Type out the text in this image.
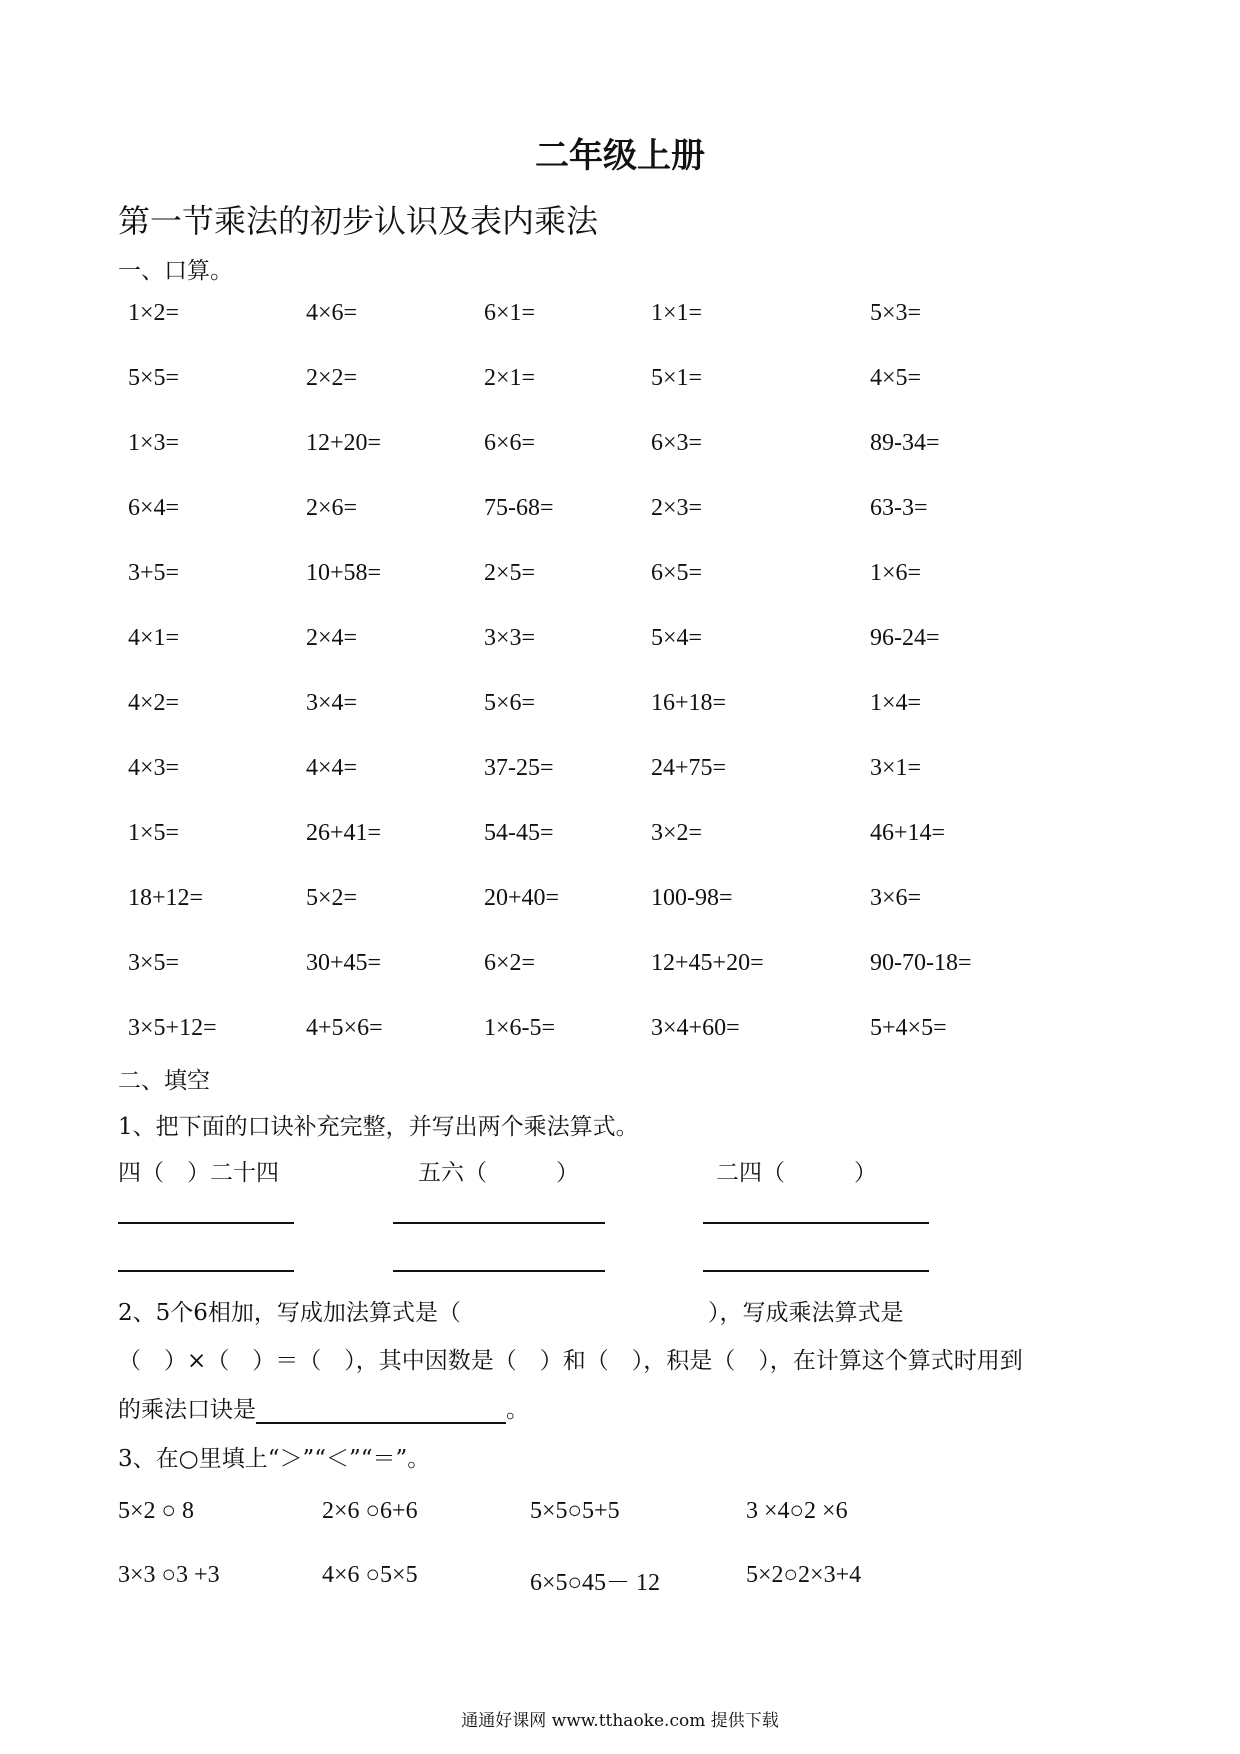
二年级上册
第一节乘法的初步认识及表内乘法
一、口算。
1×2=	4×6=	6×1=	1×1=	5×3=
5×5=	2×2=	2×1=	5×1=	4×5=
1×3=	12+20=	6×6=	6×3=	89-34=
6×4=	2×6=	75-68=	2×3=	63-3=
3+5=	10+58=	2×5=	6×5=	1×6=
4×1=	2×4=	3×3=	5×4=	96-24=
4×2=	3×4=	5×6=	16+18=	1×4=
4×3=	4×4=	37-25=	24+75=	3×1=
1×5=	26+41=	54-45=	3×2=	46+14=
18+12=	5×2=	20+40=	100-98=	3×6=
3×5=	30+45=	6×2=	12+45+20=	90-70-18=
3×5+12=	4+5×6=	1×6-5=	3×4+60=	5+4×5=
二、填空
1、把下面的口诀补充完整，并写出两个乘法算式。
四（　）二十四	五六（　　　）	二四（　　　）
2、5个6相加，写成加法算式是（	），写成乘法算式是
（　）×（　）＝（　），其中因数是（　）和（　），积是（　），在计算这个算式时用到
的乘法口诀是	。
3、在○里填上“＞”“＜”“＝”。
5×2 ○ 8	2×6 ○6+6	5×5○5+5	3 ×4○2 ×6
3×3 ○3 +3	4×6 ○5×5	6×5○45－ 12	5×2○2×3+4
通通好课网 www.tthaoke.com 提供下载
